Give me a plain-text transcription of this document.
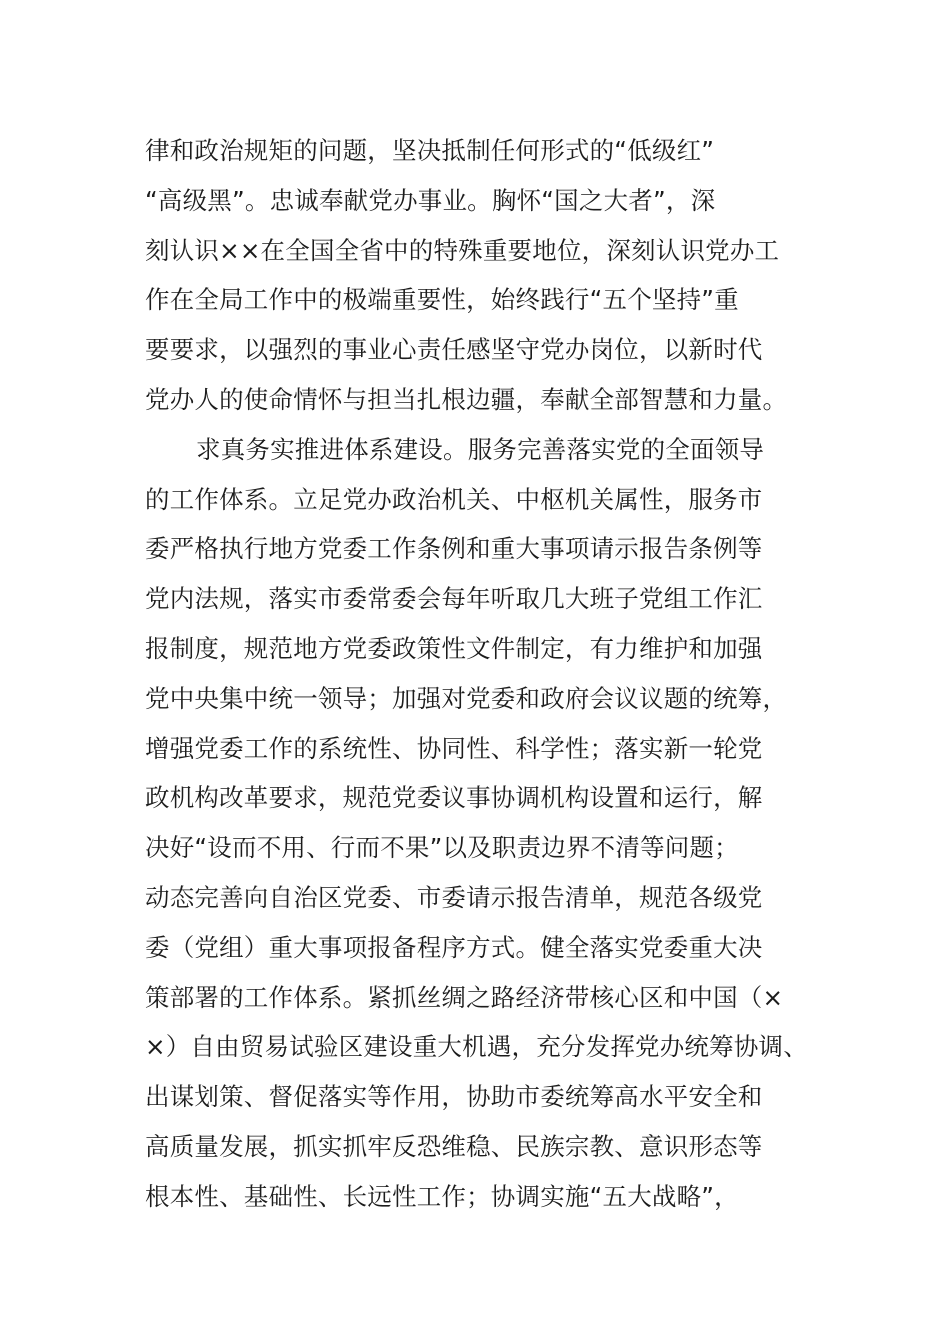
律和政治规矩的问题，坚决抵制任何形式的“低级红”
“高级黑”。忠诚奉献党办事业。胸怀“国之大者”，深
刻认识××在全国全省中的特殊重要地位，深刻认识党办工
作在全局工作中的极端重要性，始终践行“五个坚持”重
要要求，以强烈的事业心责任感坚守党办岗位，以新时代
党办人的使命情怀与担当扎根边疆，奉献全部智慧和力量。
求真务实推进体系建设。服务完善落实党的全面领导
的工作体系。立足党办政治机关、中枢机关属性，服务市
委严格执行地方党委工作条例和重大事项请示报告条例等
党内法规，落实市委常委会每年听取几大班子党组工作汇
报制度，规范地方党委政策性文件制定，有力维护和加强
党中央集中统一领导；加强对党委和政府会议议题的统筹，
增强党委工作的系统性、协同性、科学性；落实新一轮党
政机构改革要求，规范党委议事协调机构设置和运行，解
决好“设而不用、行而不果”以及职责边界不清等问题；
动态完善向自治区党委、市委请示报告清单，规范各级党
委（党组）重大事项报备程序方式。健全落实党委重大决
策部署的工作体系。紧抓丝绸之路经济带核心区和中国（×
×）自由贸易试验区建设重大机遇，充分发挥党办统筹协调、
出谋划策、督促落实等作用，协助市委统筹高水平安全和
高质量发展，抓实抓牢反恐维稳、民族宗教、意识形态等
根本性、基础性、长远性工作；协调实施“五大战略”，
